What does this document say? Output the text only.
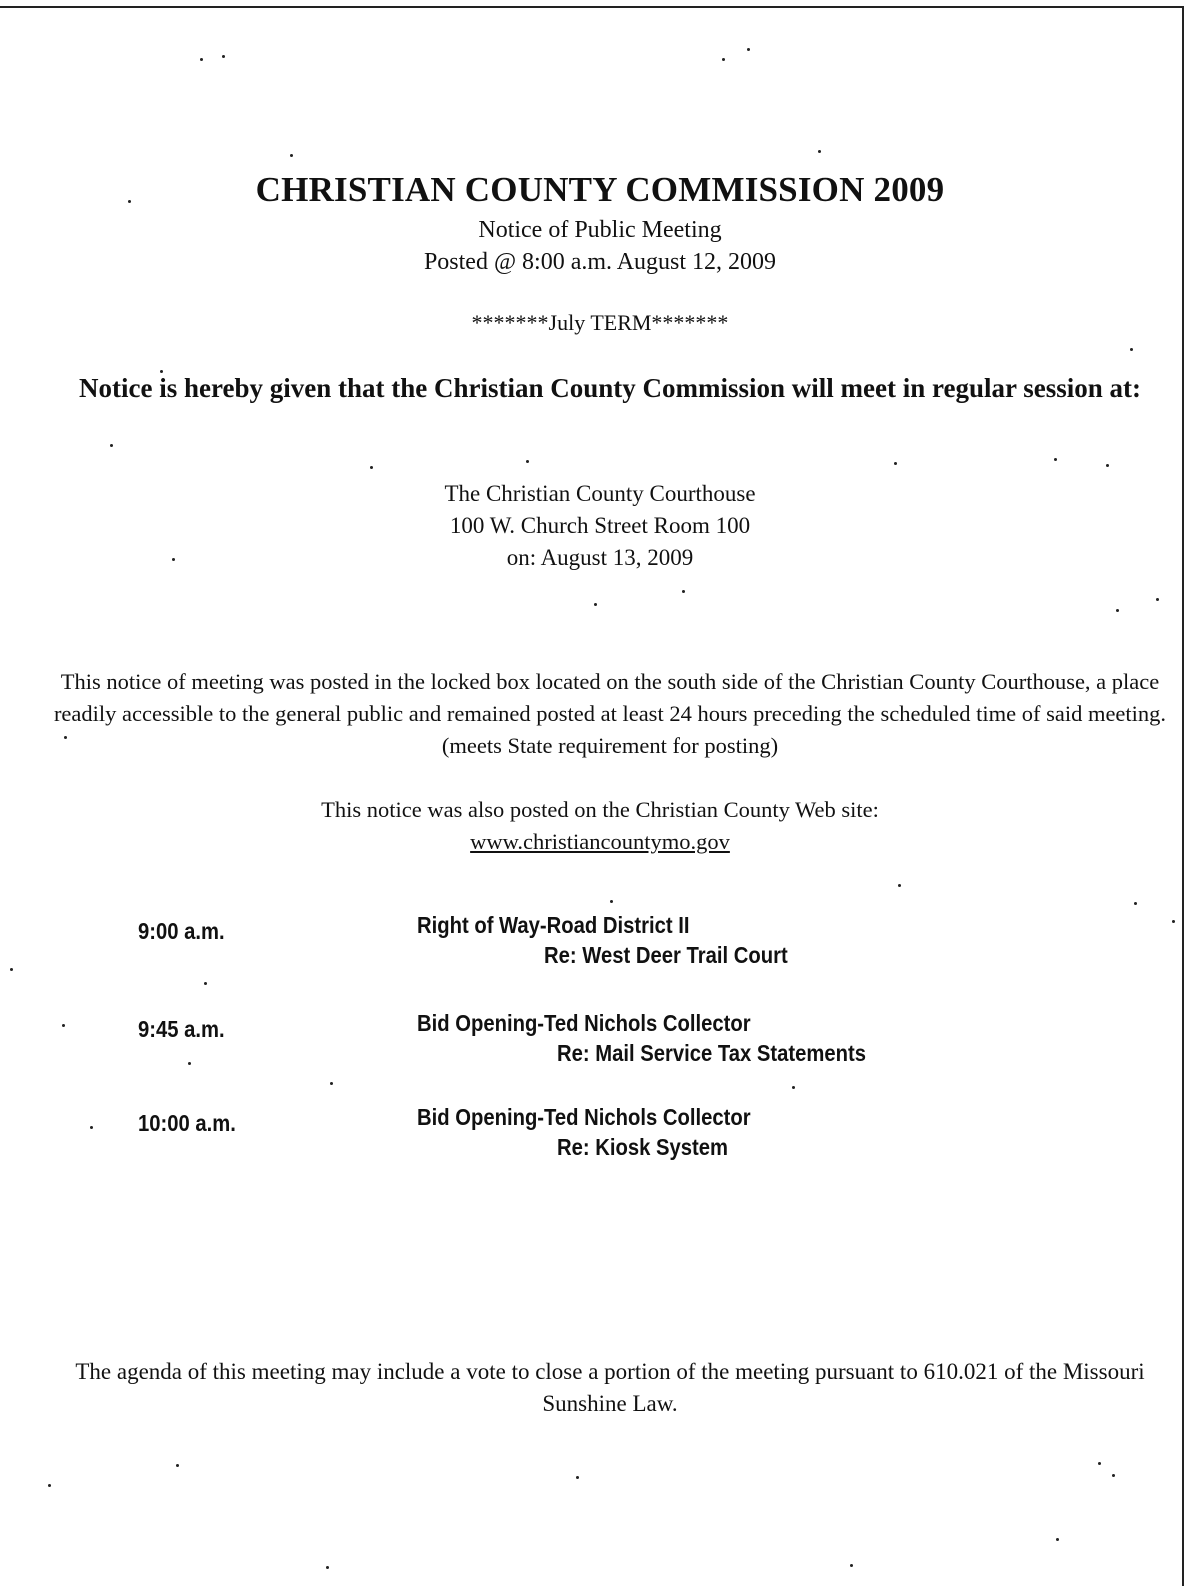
CHRISTIAN COUNTY COMMISSION 2009
Notice of Public Meeting
Posted @ 8:00 a.m. August 12, 2009
*******July TERM*******
Notice is hereby given that the Christian County Commission will meet in regular session at:
The Christian County Courthouse
100 W. Church Street Room 100
on: August 13, 2009
This notice of meeting was posted in the locked box located on the south side of the Christian County Courthouse, a place readily accessible to the general public and remained posted at least 24 hours preceding the scheduled time of said meeting. (meets State requirement for posting)
This notice was also posted on the Christian County Web site:
www.christiancountymo.gov
9:00 a.m.	Right of Way-Road District II
Re: West Deer Trail Court
9:45 a.m.	Bid Opening-Ted Nichols Collector
Re: Mail Service Tax Statements
10:00 a.m.	Bid Opening-Ted Nichols Collector
Re: Kiosk System
The agenda of this meeting may include a vote to close a portion of the meeting pursuant to 610.021 of the Missouri Sunshine Law.
